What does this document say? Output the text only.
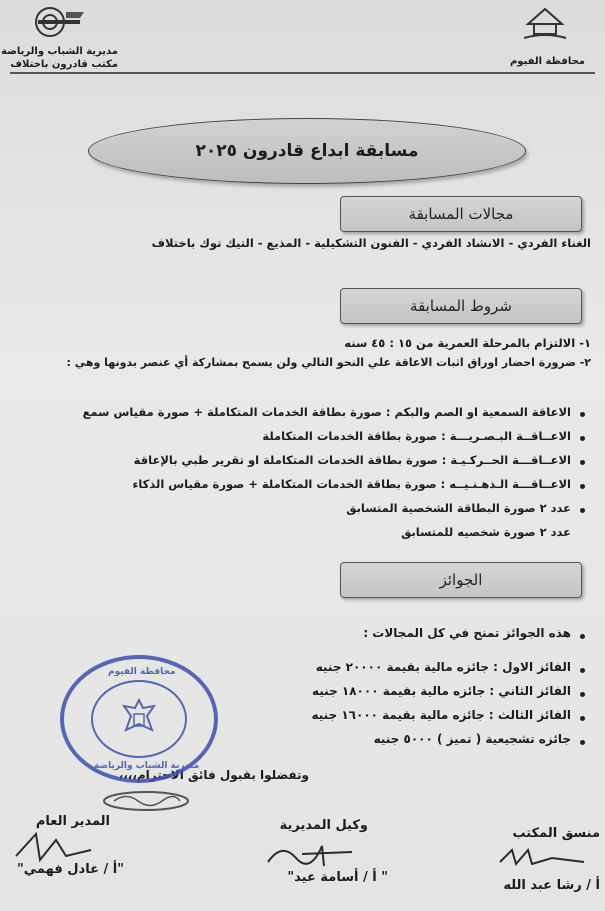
مديرية الشباب والرياضة
مكتب قادرون باختلاف	محافظة الفيوم
مسابقة ابداع قادرون ٢٠٢٥
مجالات المسابقة
الغناء الفردي - الانشاد الفردي - الفنون التشكيلية - المذيع - التيك توك باختلاف
شروط المسابقة
١- الالتزام بالمرحلة العمرية من ١٥ : ٤٥ سنه
٢- ضرورة احضار اوراق اثبات الاعاقة علي النحو التالي ولن يسمح بمشاركة أي عنصر بدونها وهي :
الاعاقة السمعية او الصم والبكم : صورة بطاقة الخدمات المتكاملة + صورة مقياس سمع
الاعــاقــة البـصـريـــة : صورة بطاقة الخدمات المتكاملة
الاعــاقـــة الحــركـيـة : صورة بطاقة الخدمات المتكاملة او تقرير طبي بالإعاقة
الاعــاقـــة الـذهـنـيــه : صورة بطاقة الخدمات المتكاملة + صورة مقياس الذكاء
عدد ٢ صورة البطاقة الشخصية المتسابق
عدد ٢ صورة شخصيه للمتسابق
الجوائز
هذه الجوائز تمنح في كل المجالات :
الفائز الاول : جائزه مالية بقيمة ٢٠٠٠٠ جنيه
الفائز الثاني : جائزه مالية بقيمة ١٨٠٠٠ جنيه
الفائز الثالث : جائزه مالية بقيمة ١٦٠٠٠ جنيه
جائزه تشجيعية ( تميز ) ٥٠٠٠ جنيه
وتفضلوا بقبول فائق الاحترام،،،،
محافظة الفيوم
مديرية الشباب والرياضة
المدير العام
"أ / عادل فهمي"
وكيل المديرية
" أ / أسامة عيد"
منسق المكتب
أ / رشا عبد الله
